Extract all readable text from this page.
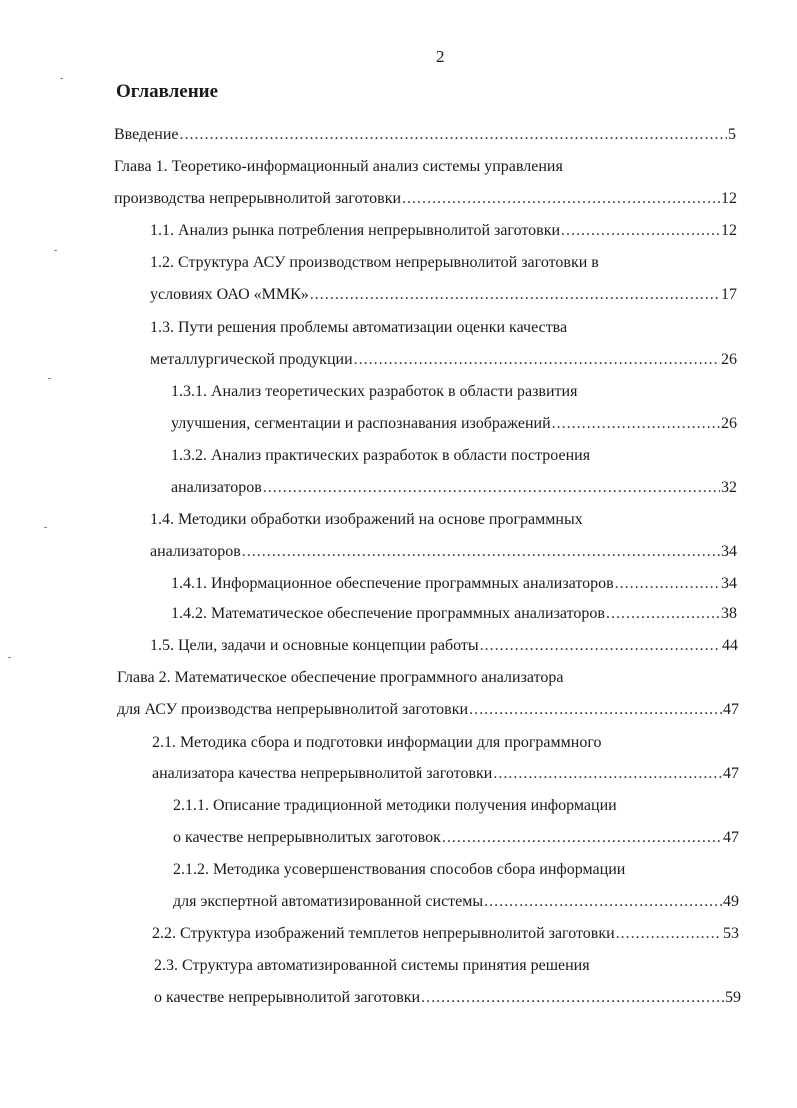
2
Оглавление
Введение .....	5
Глава 1. Теоретико-информационный анализ системы управления
производства непрерывнолитой заготовки .....	12
1.1. Анализ рынка потребления непрерывнолитой заготовки .....	12
1.2. Структура АСУ производством непрерывнолитой заготовки в
условиях ОАО «ММК» .....	17
1.3. Пути решения проблемы автоматизации оценки качества
металлургической продукции .....	26
1.3.1. Анализ теоретических разработок в области развития
улучшения, сегментации и распознавания изображений .....	26
1.3.2. Анализ практических разработок в области построения
анализаторов .....	32
1.4. Методики обработки изображений на основе программных
анализаторов .....	34
1.4.1. Информационное обеспечение программных анализаторов .....	34
1.4.2. Математическое обеспечение программных анализаторов .....	38
1.5. Цели, задачи и основные концепции работы .....	44
Глава 2. Математическое обеспечение программного анализатора
для АСУ производства непрерывнолитой заготовки .....	47
2.1. Методика сбора и подготовки информации для программного
анализатора качества непрерывнолитой заготовки .....	47
2.1.1. Описание традиционной методики получения информации
о качестве непрерывнолитых заготовок .....	47
2.1.2. Методика усовершенствования способов сбора информации
для экспертной автоматизированной системы .....	49
2.2. Структура изображений темплетов непрерывнолитой заготовки .....	53
2.3. Структура автоматизированной системы принятия решения
о качестве непрерывнолитой заготовки .....	59
